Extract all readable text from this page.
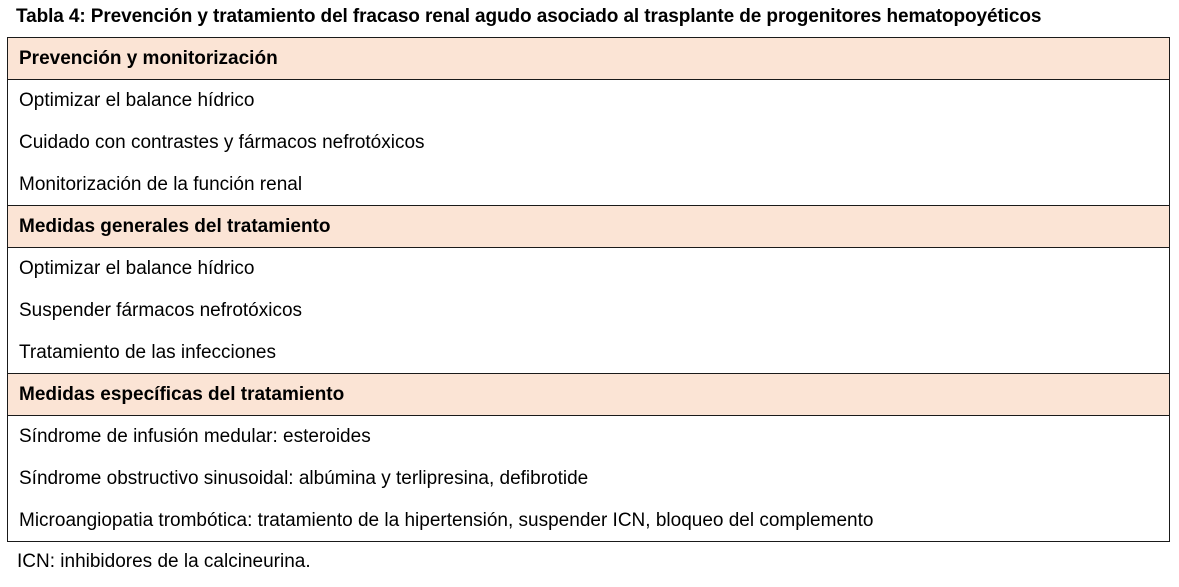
Tabla 4: Prevención y tratamiento del fracaso renal agudo asociado al trasplante de progenitores hematopoyéticos
Prevención y monitorización
Optimizar el balance hídrico
Cuidado con contrastes y fármacos nefrotóxicos
Monitorización de la función renal
Medidas generales del tratamiento
Optimizar el balance hídrico
Suspender fármacos nefrotóxicos
Tratamiento de las infecciones
Medidas específicas del tratamiento
Síndrome de infusión medular: esteroides
Síndrome obstructivo sinusoidal: albúmina y terlipresina, defibrotide
Microangiopatia trombótica: tratamiento de la hipertensión, suspender ICN, bloqueo del complemento
ICN: inhibidores de la calcineurina.
